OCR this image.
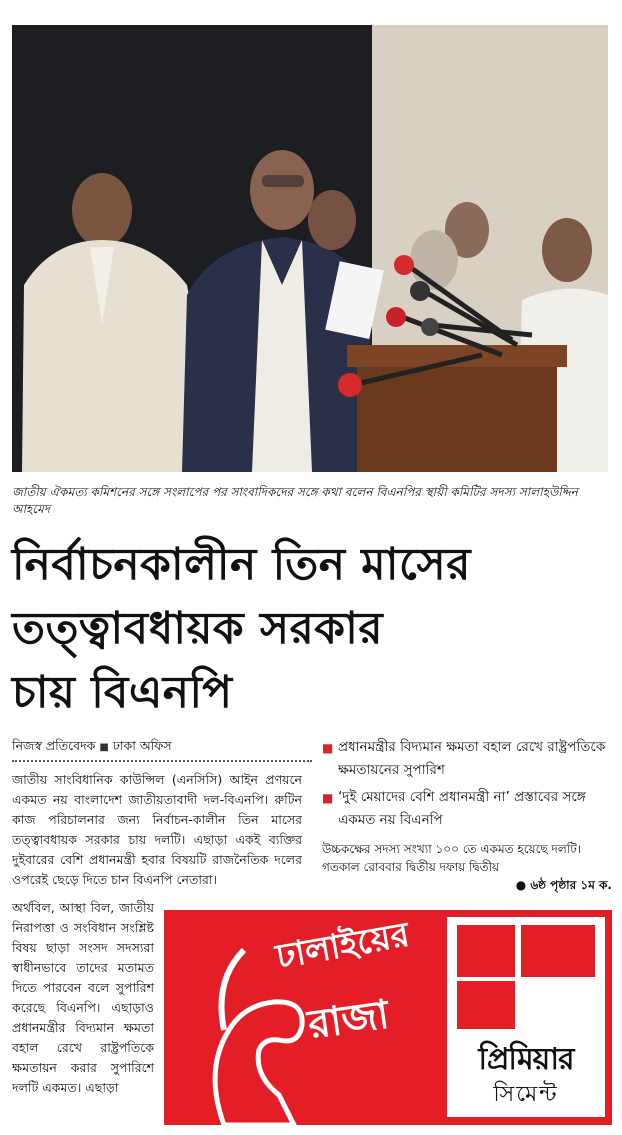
জাতীয় ঐকমত্য কমিশনের সঙ্গে সংলাপের পর সাংবাদিকদের সঙ্গে কথা বলেন বিএনপির স্থায়ী কমিটির সদস্য সালাহউদ্দিন আহমেদ
নির্বাচনকালীন তিন মাসের
তত্ত্বাবধায়ক সরকার
চায় বিএনপি
নিজস্ব প্রতিবেদক ■ ঢাকা অফিস
জাতীয় সাংবিধানিক কাউন্সিল (এনসিসি) আইন প্রণয়নে একমত নয় বাংলাদেশ জাতীয়তাবাদী দল-বিএনপি। রুটিন কাজ পরিচালনার জন্য নির্বাচন-কালীন তিন মাসের তত্ত্বাবধায়ক সরকার চায় দলটি। এছাড়া একই ব্যক্তির দুইবারের বেশি প্রধানমন্ত্রী হবার বিষয়টি রাজনৈতিক দলের ওপরেই ছেড়ে দিতে চান বিএনপি নেতারা।
অর্থবিল, আস্থা বিল, জাতীয় নিরাপত্তা ও সংবিধান সংশ্লিষ্ট বিষয় ছাড়া সংসদ সদস্যরা স্বাধীনভাবে তাদের মতামত দিতে পারবেন বলে সুপারিশ করেছে বিএনপি। এছাড়াও প্রধানমন্ত্রীর বিদ্যমান ক্ষমতা বহাল রেখে রাষ্ট্রপতিকে ক্ষমতায়ন করার সুপারিশে দলটি একমত। এছাড়া
■ প্রধানমন্ত্রীর বিদ্যমান ক্ষমতা বহাল রেখে রাষ্ট্রপতিকে ক্ষমতায়নের সুপারিশ
■ ‘দুই মেয়াদের বেশি প্রধানমন্ত্রী না’ প্রস্তাবের সঙ্গে একমত নয় বিএনপি
উচ্চকক্ষের সদস্য সংখ্যা ১০০ তে একমত হয়েছে দলটি। গতকাল রোববার দ্বিতীয় দফায় দ্বিতীয়
● ৬ষ্ঠ পৃষ্ঠার ১ম ক.
ঢালাইয়ের
রাজা
প্রিমিয়ার
সিমেন্ট
